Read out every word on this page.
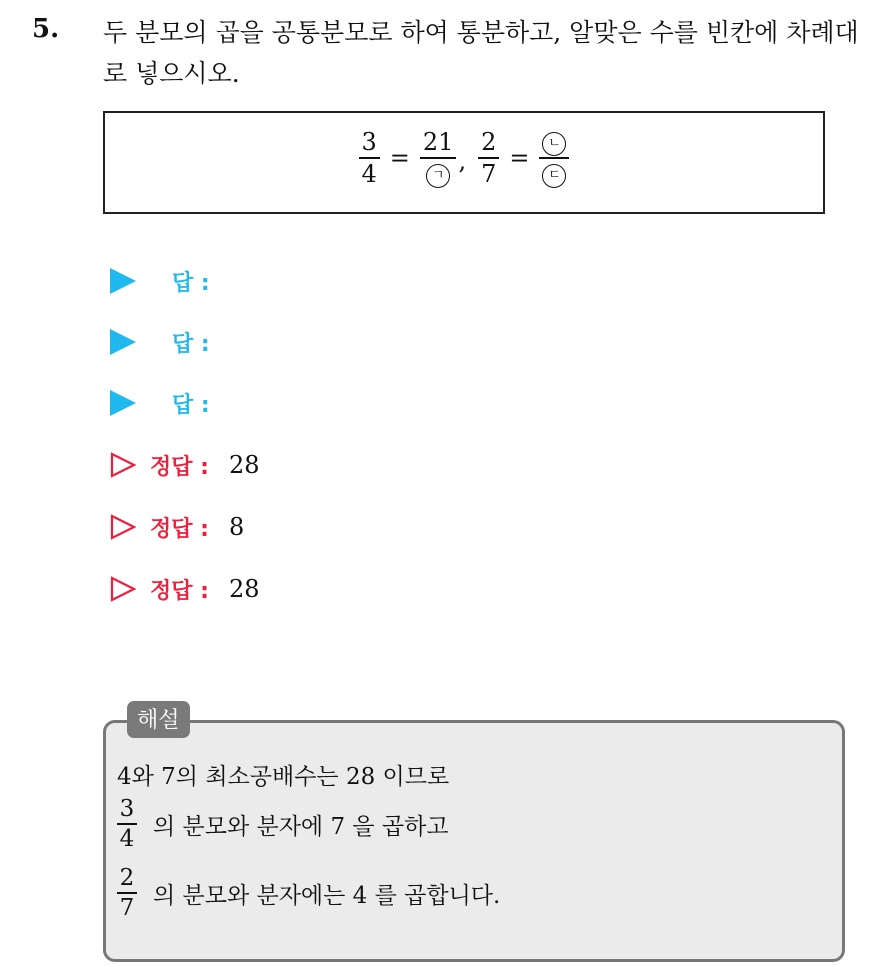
5. 두 분모의 곱을 공통분모로 하여 통분하고, 알맞은 수를 빈칸에 차례대로 넣으시오.
$\frac{3}{4} = \frac{21}{\text{ㄱ}}$ , $\frac{2}{7} = \frac{\text{ㄴ}}{\text{ㄷ}}$
답 :
답 :
답 :
정답 : 28
정답 : 8
정답 : 28
해설
4와 7의 최소공배수는 28 이므로
$\frac{3}{4}$ 의 분모와 분자에 7 을 곱하고
$\frac{2}{7}$ 의 분모와 분자에는 4 를 곱합니다.
